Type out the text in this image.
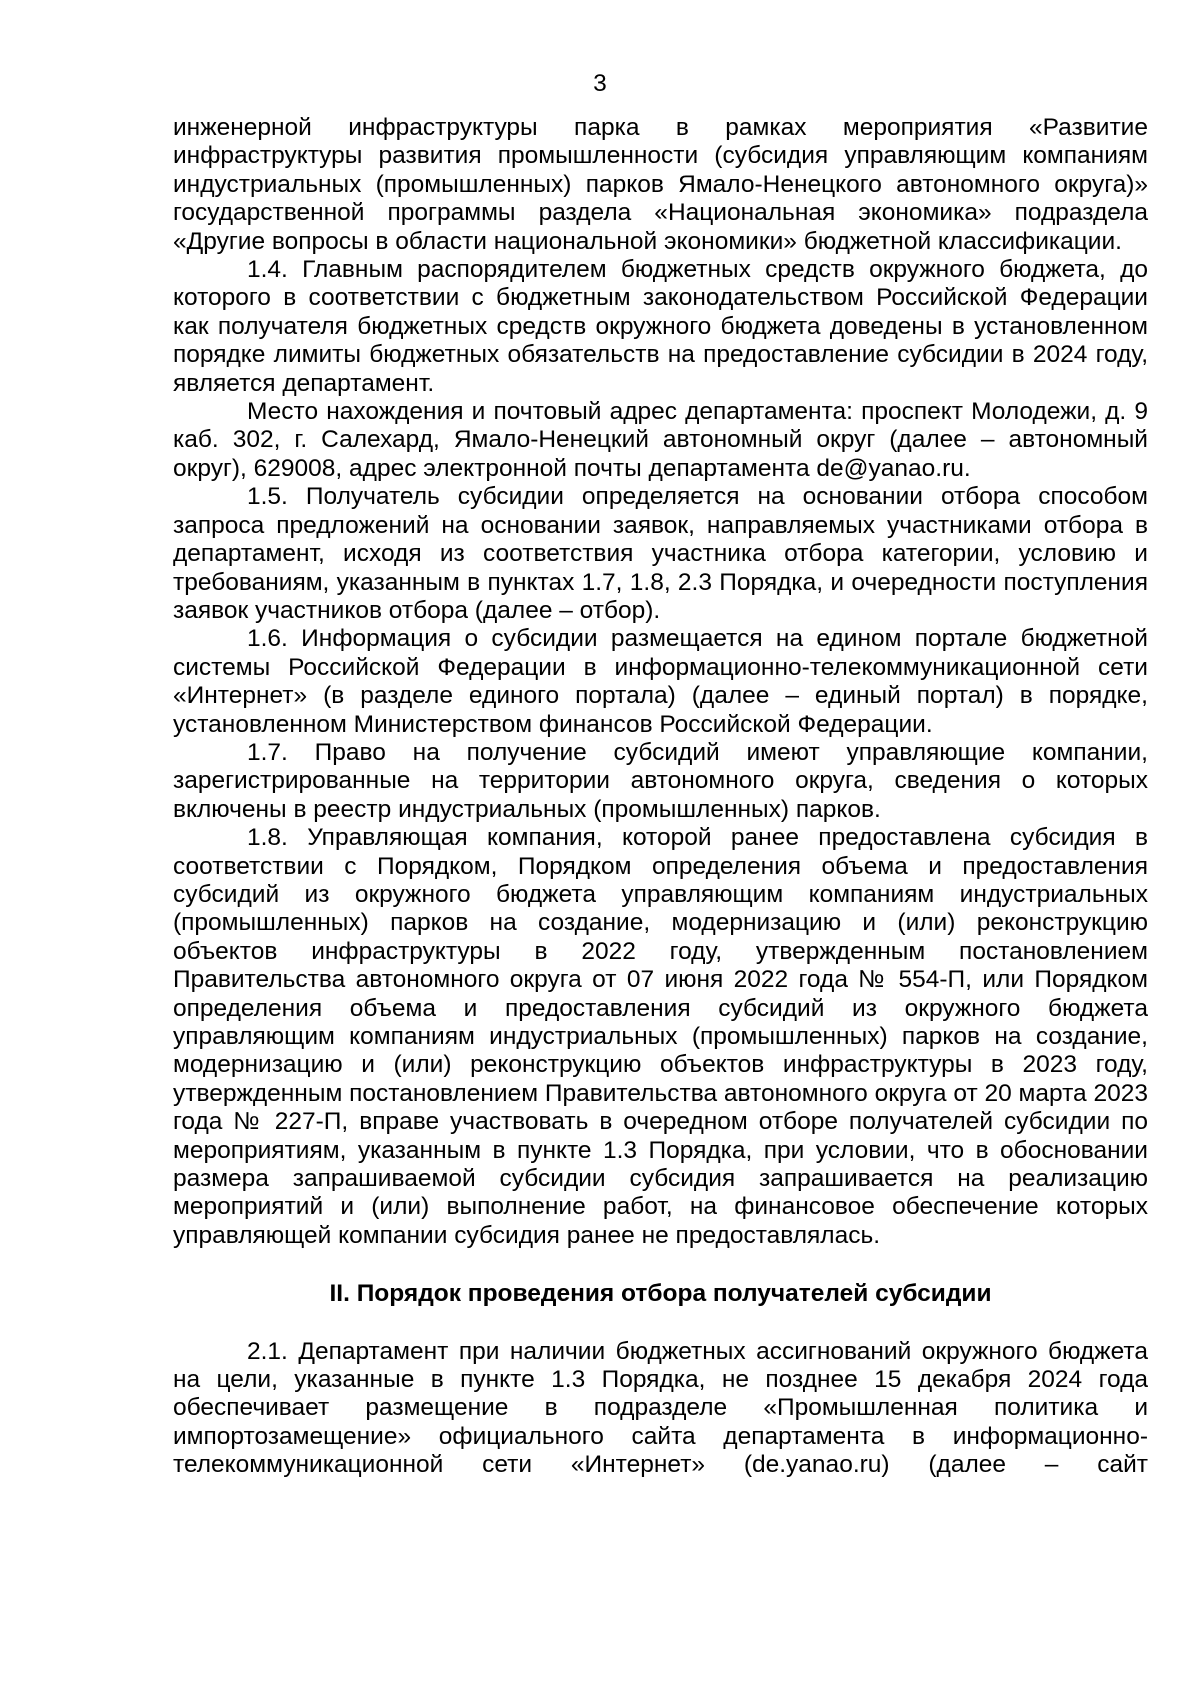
3

инженерной инфраструктуры парка в рамках мероприятия «Развитие инфраструктуры развития промышленности (субсидия управляющим компаниям индустриальных (промышленных) парков Ямало-Ненецкого автономного округа)» государственной программы раздела «Национальная экономика» подраздела «Другие вопросы в области национальной экономики» бюджетной классификации.

1.4. Главным распорядителем бюджетных средств окружного бюджета, до которого в соответствии с бюджетным законодательством Российской Федерации как получателя бюджетных средств окружного бюджета доведены в установленном порядке лимиты бюджетных обязательств на предоставление субсидии в 2024 году, является департамент.

Место нахождения и почтовый адрес департамента: проспект Молодежи, д. 9 каб. 302, г. Салехард, Ямало-Ненецкий автономный округ (далее – автономный округ), 629008, адрес электронной почты департамента de@yanao.ru.

1.5. Получатель субсидии определяется на основании отбора способом запроса предложений на основании заявок, направляемых участниками отбора в департамент, исходя из соответствия участника отбора категории, условию и требованиям, указанным в пунктах 1.7, 1.8, 2.3 Порядка, и очередности поступления заявок участников отбора (далее – отбор).

1.6. Информация о субсидии размещается на едином портале бюджетной системы Российской Федерации в информационно-телекоммуникационной сети «Интернет» (в разделе единого портала) (далее – единый портал) в порядке, установленном Министерством финансов Российской Федерации.

1.7. Право на получение субсидий имеют управляющие компании, зарегистрированные на территории автономного округа, сведения о которых включены в реестр индустриальных (промышленных) парков.

1.8. Управляющая компания, которой ранее предоставлена субсидия в соответствии с Порядком, Порядком определения объема и предоставления субсидий из окружного бюджета управляющим компаниям индустриальных (промышленных) парков на создание, модернизацию и (или) реконструкцию объектов инфраструктуры в 2022 году, утвержденным постановлением Правительства автономного округа от 07 июня 2022 года № 554-П, или Порядком определения объема и предоставления субсидий из окружного бюджета управляющим компаниям индустриальных (промышленных) парков на создание, модернизацию и (или) реконструкцию объектов инфраструктуры в 2023 году, утвержденным постановлением Правительства автономного округа от 20 марта 2023 года № 227-П, вправе участвовать в очередном отборе получателей субсидии по мероприятиям, указанным в пункте 1.3 Порядка, при условии, что в обосновании размера запрашиваемой субсидии субсидия запрашивается на реализацию мероприятий и (или) выполнение работ, на финансовое обеспечение которых управляющей компании субсидия ранее не предоставлялась.

II. Порядок проведения отбора получателей субсидии

2.1. Департамент при наличии бюджетных ассигнований окружного бюджета на цели, указанные в пункте 1.3 Порядка, не позднее 15 декабря 2024 года обеспечивает размещение в подразделе «Промышленная политика и импортозамещение» официального сайта департамента в информационно-телекоммуникационной сети «Интернет» (de.yanao.ru) (далее – сайт
